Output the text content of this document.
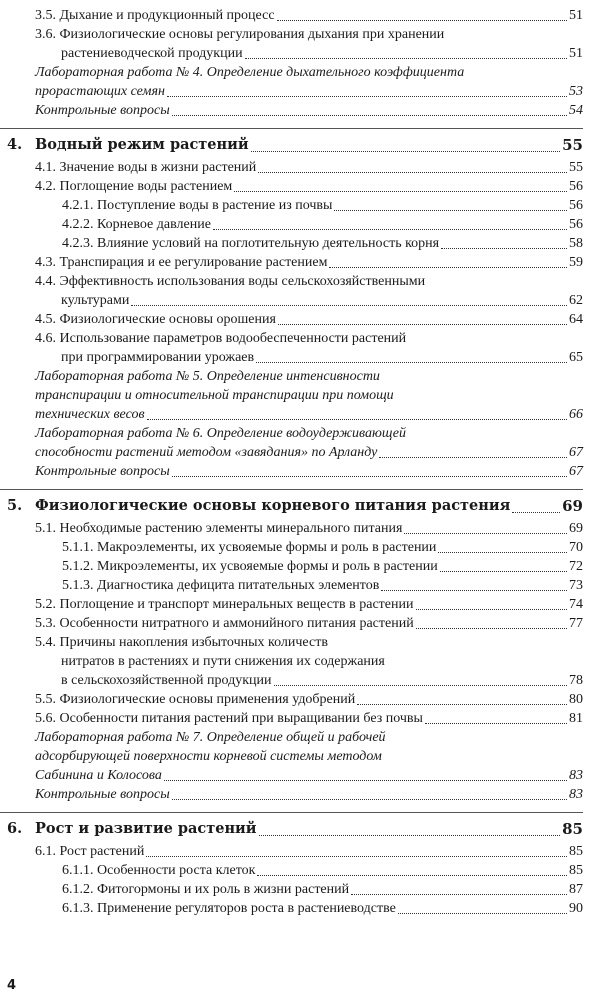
3.5. Дыхание и продукционный процесс	51
3.6. Физиологические основы регулирования дыхания при хранении
растениеводческой продукции	51
Лабораторная работа № 4. Определение дыхательного коэффициента
прорастающих семян	53
Контрольные вопросы	54
4. Водный режим растений	55
4.1. Значение воды в жизни растений	55
4.2. Поглощение воды растением	56
4.2.1. Поступление воды в растение из почвы	56
4.2.2. Корневое давление	56
4.2.3. Влияние условий на поглотительную деятельность корня	58
4.3. Транспирация и ее регулирование растением	59
4.4. Эффективность использования воды сельскохозяйственными
культурами	62
4.5. Физиологические основы орошения	64
4.6. Использование параметров водообеспеченности растений
при программировании урожаев	65
Лабораторная работа № 5. Определение интенсивности
транспирации и относительной транспирации при помощи
технических весов	66
Лабораторная работа № 6. Определение водоудерживающей
способности растений методом «завядания» по Арланду	67
Контрольные вопросы	67
5. Физиологические основы корневого питания растения	69
5.1. Необходимые растению элементы минерального питания	69
5.1.1. Макроэлементы, их усвояемые формы и роль в растении	70
5.1.2. Микроэлементы, их усвояемые формы и роль в растении	72
5.1.3. Диагностика дефицита питательных элементов	73
5.2. Поглощение и транспорт минеральных веществ в растении	74
5.3. Особенности нитратного и аммонийного питания растений	77
5.4. Причины накопления избыточных количеств
нитратов в растениях и пути снижения их содержания
в сельскохозяйственной продукции	78
5.5. Физиологические основы применения удобрений	80
5.6. Особенности питания растений при выращивании без почвы	81
Лабораторная работа № 7. Определение общей и рабочей
адсорбирующей поверхности корневой системы методом
Сабинина и Колосова	83
Контрольные вопросы	83
6. Рост и развитие растений	85
6.1. Рост растений	85
6.1.1. Особенности роста клеток	85
6.1.2. Фитогормоны и их роль в жизни растений	87
6.1.3. Применение регуляторов роста в растениеводстве	90
4
